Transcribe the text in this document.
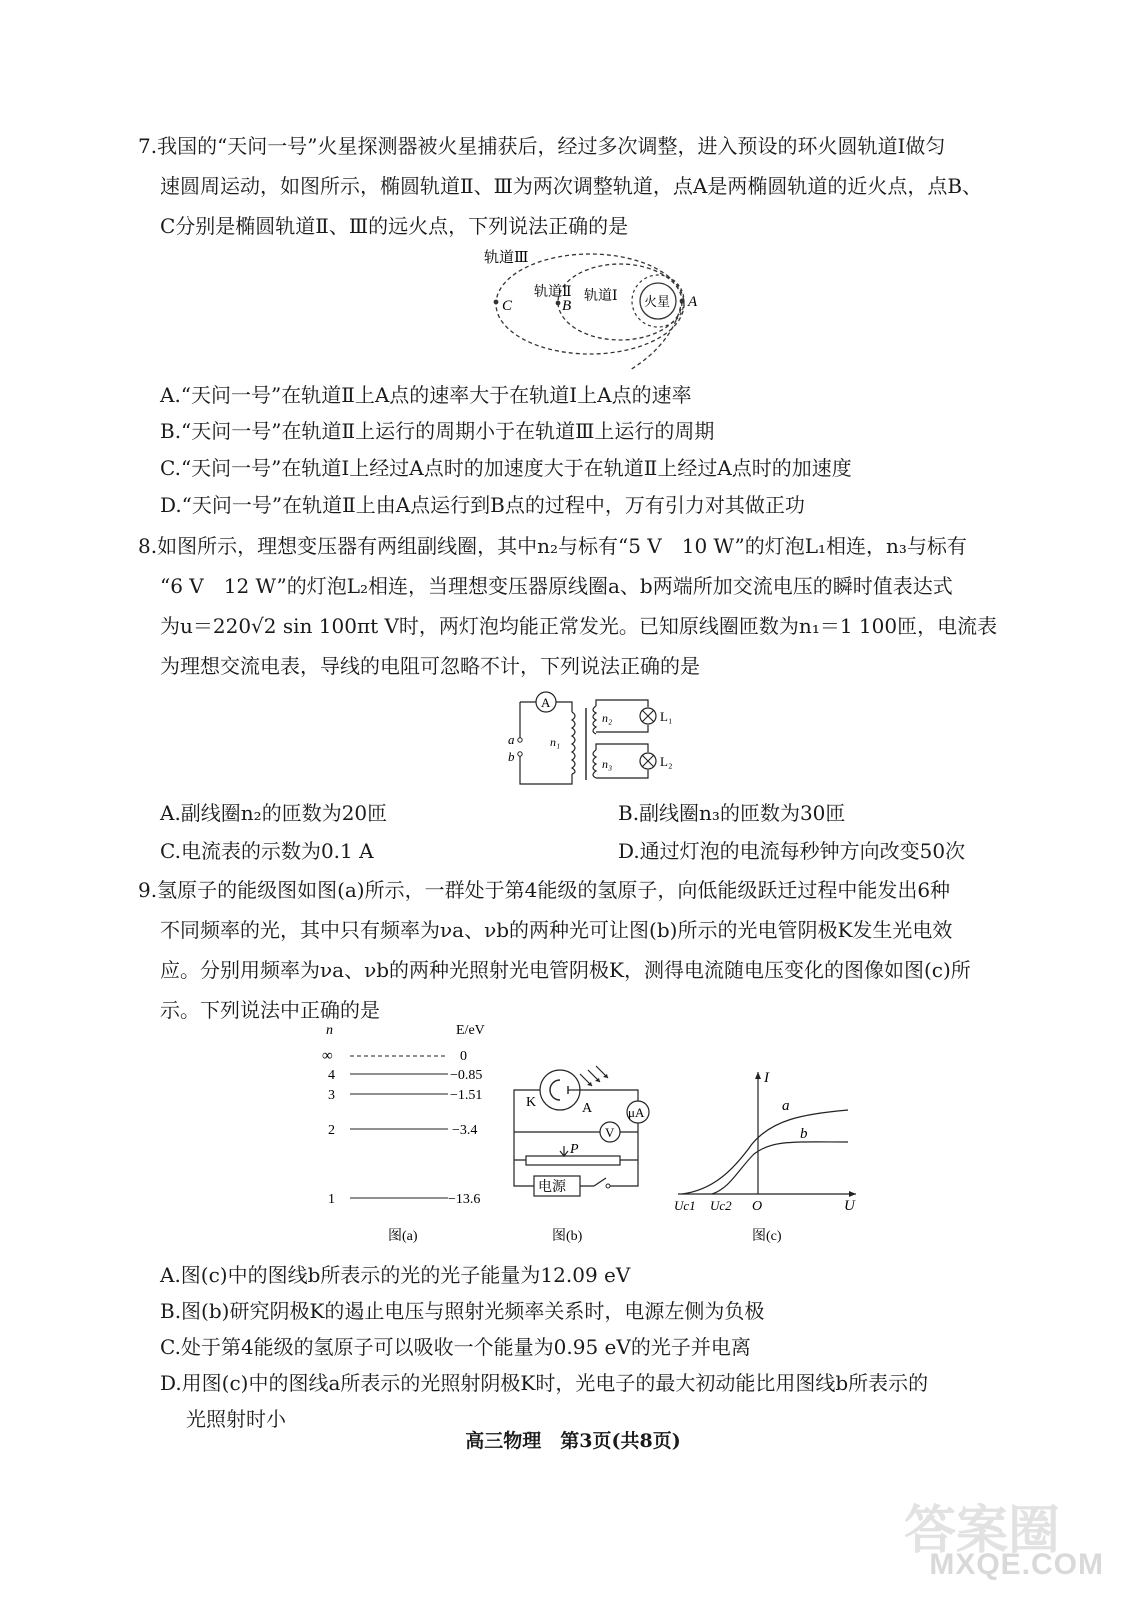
7.我国的“天问一号”火星探测器被火星捕获后，经过多次调整，进入预设的环火圆轨道Ⅰ做匀

速圆周运动，如图所示，椭圆轨道Ⅱ、Ⅲ为两次调整轨道，点A是两椭圆轨道的近火点，点B、

C分别是椭圆轨道Ⅱ、Ⅲ的远火点，下列说法正确的是

轨道Ⅲ
轨道Ⅱ 轨道Ⅰ 火星 A
B
C
A.“天问一号”在轨道Ⅱ上A点的速率大于在轨道Ⅰ上A点的速率
B.“天问一号”在轨道Ⅱ上运行的周期小于在轨道Ⅲ上运行的周期
C.“天问一号”在轨道Ⅰ上经过A点时的加速度大于在轨道Ⅱ上经过A点时的加速度
D.“天问一号”在轨道Ⅱ上由A点运行到B点的过程中，万有引力对其做正功

8.如图所示，理想变压器有两组副线圈，其中n₂与标有“5 V　10 W”的灯泡L₁相连，n₃与标有

“6 V　12 W”的灯泡L₂相连，当理想变压器原线圈a、b两端所加交流电压的瞬时值表达式

为u＝220√2 sin 100πt V时，两灯泡均能正常发光。已知原线圈匝数为n₁＝1 100匝，电流表

为理想交流电表，导线的电阻可忽略不计，下列说法正确的是

A
a
b
n₁
n₂	L₁
n₃	L₂
A.副线圈n₂的匝数为20匝	B.副线圈n₃的匝数为30匝
C.电流表的示数为0.1 A	D.通过灯泡的电流每秒钟方向改变50次

9.氢原子的能级图如图(a)所示，一群处于第4能级的氢原子，向低能级跃迁过程中能发出6种

不同频率的光，其中只有频率为νa、νb的两种光可让图(b)所示的光电管阴极K发生光电效

应。分别用频率为νa、νb的两种光照射光电管阴极K，测得电流随电压变化的图像如图(c)所

示。下列说法中正确的是

n	E/eV
∞	0
4	−0.85
3	−1.51
2	−3.4
1	−13.6
图(a)
K	A	μA
V
P
电源
图(b)
I
U
O
Uc1 Uc2
a
b
图(c)
A.图(c)中的图线b所表示的光的光子能量为12.09 eV
B.图(b)研究阴极K的遏止电压与照射光频率关系时，电源左侧为负极
C.处于第4能级的氢原子可以吸收一个能量为0.95 eV的光子并电离
D.用图(c)中的图线a所表示的光照射阴极K时，光电子的最大初动能比用图线b所表示的
光照射时小
高三物理　第3页(共8页)
答案圈
MXQE.COM
